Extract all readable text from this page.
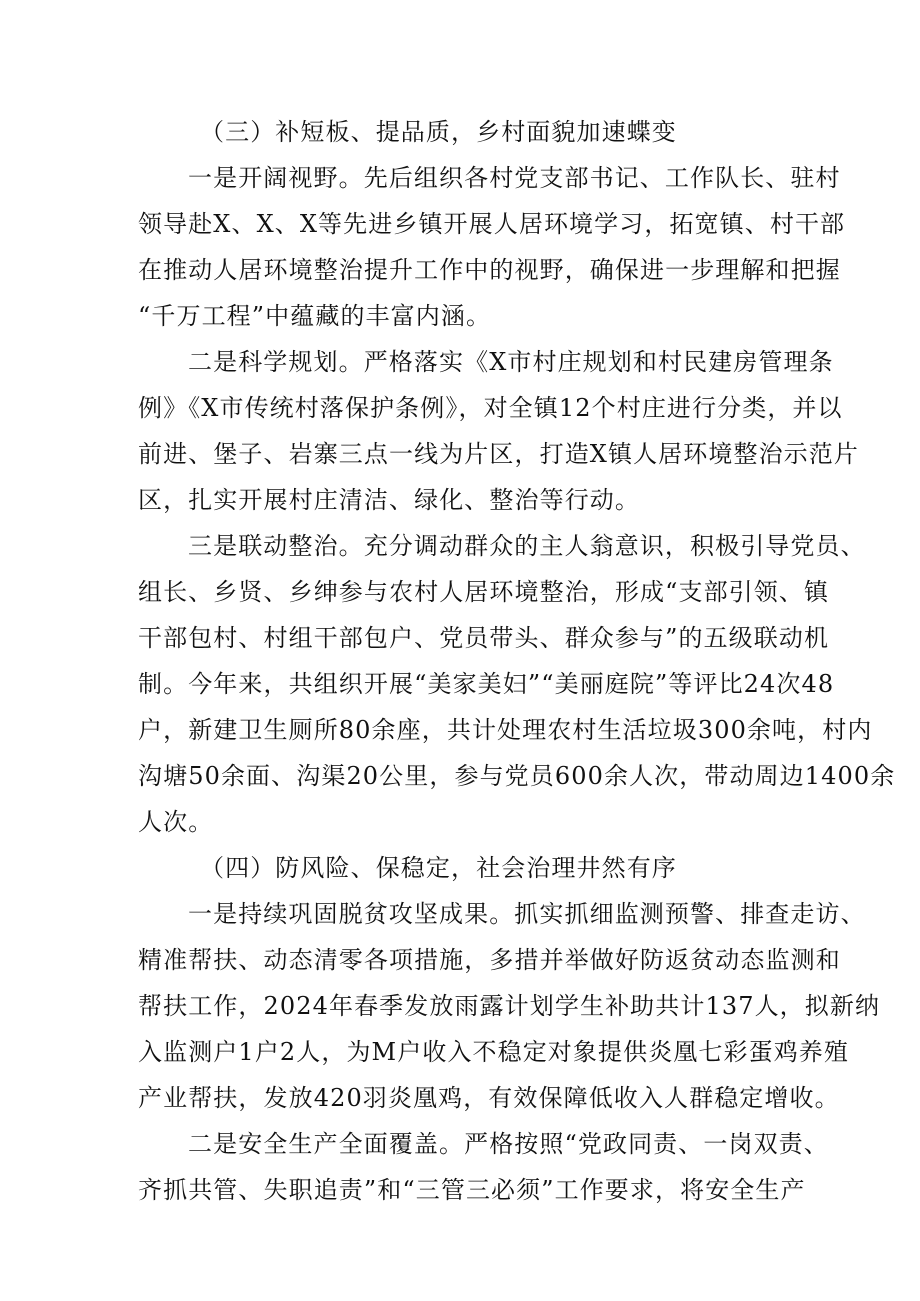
（三）补短板、提品质，乡村面貌加速蝶变
一是开阔视野。先后组织各村党支部书记、工作队长、驻村
领导赴X、X、X等先进乡镇开展人居环境学习，拓宽镇、村干部
在推动人居环境整治提升工作中的视野，确保进一步理解和把握
“千万工程”中蕴藏的丰富内涵。
二是科学规划。严格落实《X市村庄规划和村民建房管理条
例》《X市传统村落保护条例》，对全镇12个村庄进行分类，并以
前进、堡子、岩寨三点一线为片区，打造X镇人居环境整治示范片
区，扎实开展村庄清洁、绿化、整治等行动。
三是联动整治。充分调动群众的主人翁意识，积极引导党员、
组长、乡贤、乡绅参与农村人居环境整治，形成“支部引领、镇
干部包村、村组干部包户、党员带头、群众参与”的五级联动机
制。今年来，共组织开展“美家美妇”“美丽庭院”等评比24次48
户，新建卫生厕所80余座，共计处理农村生活垃圾300余吨，村内
沟塘50余面、沟渠20公里，参与党员600余人次，带动周边1400余
人次。
（四）防风险、保稳定，社会治理井然有序
一是持续巩固脱贫攻坚成果。抓实抓细监测预警、排查走访、
精准帮扶、动态清零各项措施，多措并举做好防返贫动态监测和
帮扶工作，2024年春季发放雨露计划学生补助共计137人，拟新纳
入监测户1户2人，为M户收入不稳定对象提供炎凰七彩蛋鸡养殖
产业帮扶，发放420羽炎凰鸡，有效保障低收入人群稳定增收。
二是安全生产全面覆盖。严格按照“党政同责、一岗双责、
齐抓共管、失职追责”和“三管三必须”工作要求，将安全生产
